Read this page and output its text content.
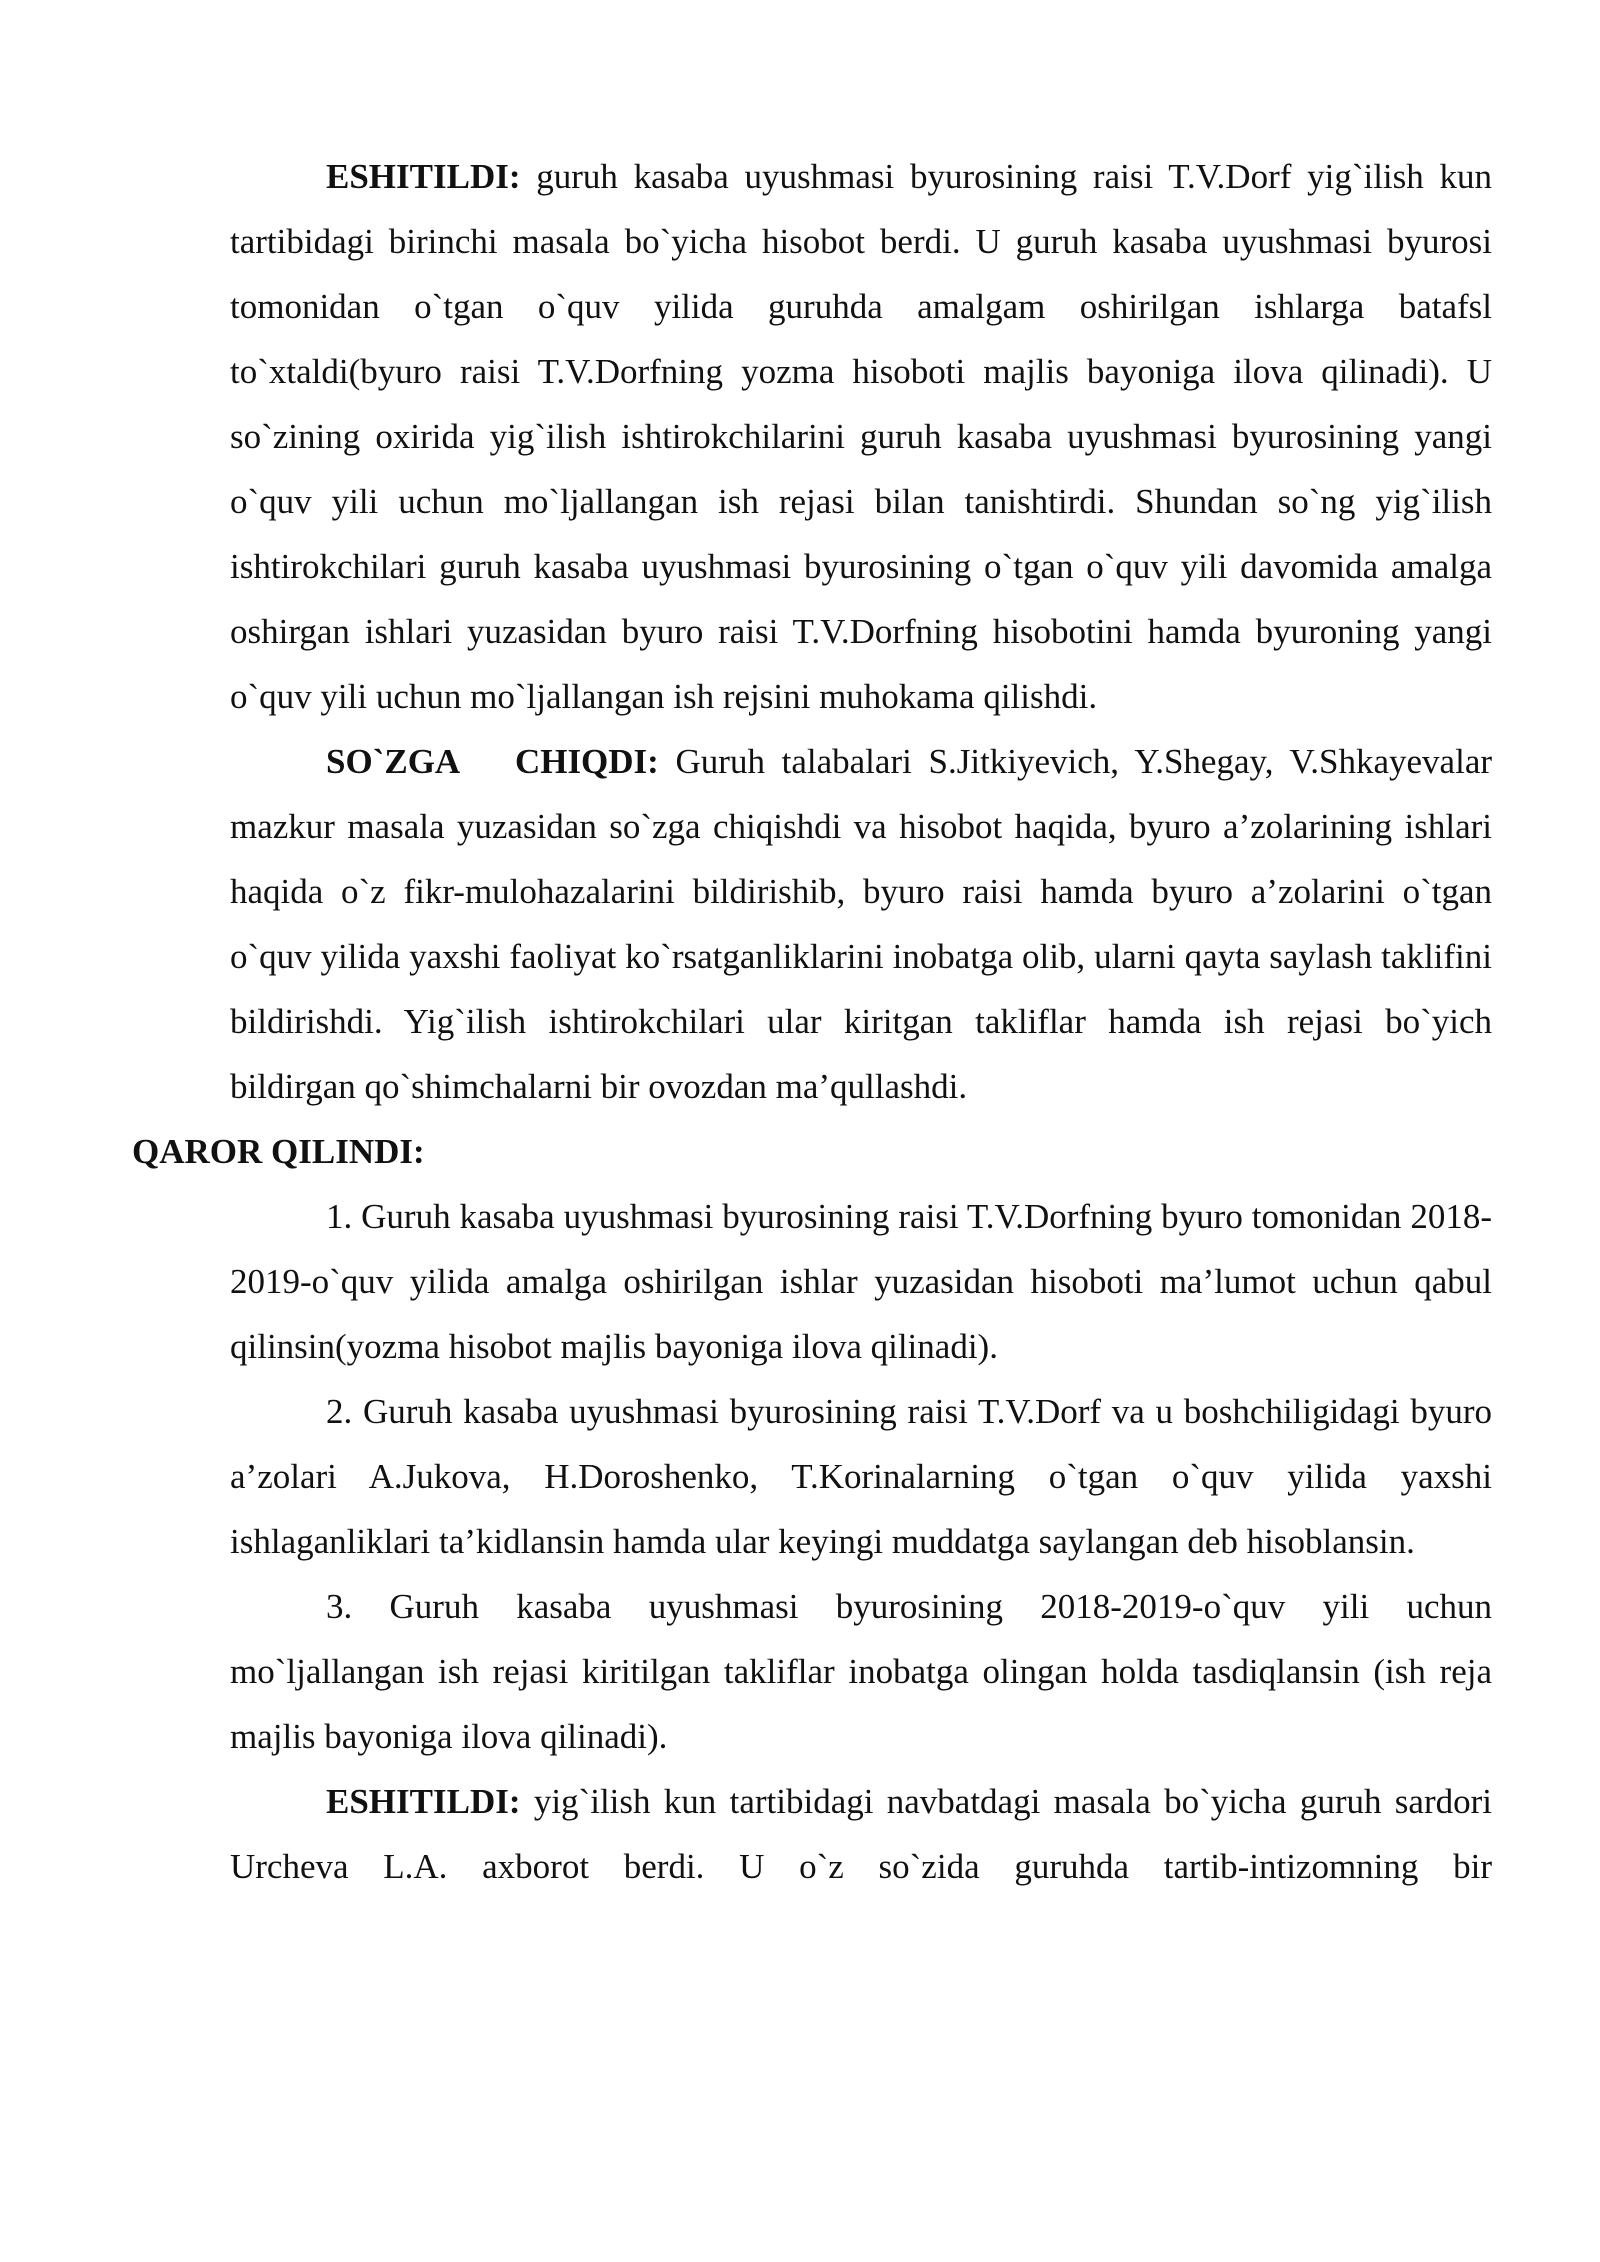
ESHITILDI: guruh kasaba uyushmasi byurosining raisi T.V.Dorf yig`ilish kun tartibidagi birinchi masala bo`yicha hisobot berdi. U guruh kasaba uyushmasi byurosi tomonidan o`tgan o`quv yilida guruhda amalgam oshirilgan ishlarga batafsl to`xtaldi(byuro raisi T.V.Dorfning yozma hisoboti majlis bayoniga ilova qilinadi). U so`zining oxirida yig`ilish ishtirokchilarini guruh kasaba uyushmasi byurosining yangi o`quv yili uchun mo`ljallangan ish rejasi bilan tanishtirdi. Shundan so`ng yig`ilish ishtirokchilari guruh kasaba uyushmasi byurosining o`tgan o`quv yili davomida amalga oshirgan ishlari yuzasidan byuro raisi T.V.Dorfning hisobotini hamda byuroning yangi o`quv yili uchun mo`ljallangan ish rejsini muhokama qilishdi.

SO`ZGA CHIQDI: Guruh talabalari S.Jitkiyevich, Y.Shegay, V.Shkayevalar mazkur masala yuzasidan so`zga chiqishdi va hisobot haqida, byuro a’zolarining ishlari haqida o`z fikr-mulohazalarini bildirishib, byuro raisi hamda byuro a’zolarini o`tgan o`quv yilida yaxshi faoliyat ko`rsatganliklarini inobatga olib, ularni qayta saylash taklifini bildirishdi. Yig`ilish ishtirokchilari ular kiritgan takliflar hamda ish rejasi bo`yich bildirgan qo`shimchalarni bir ovozdan ma’qullashdi.

QAROR QILINDI:

1. Guruh kasaba uyushmasi byurosining raisi T.V.Dorfning byuro tomonidan 2018-2019-o`quv yilida amalga oshirilgan ishlar yuzasidan hisoboti ma’lumot uchun qabul qilinsin(yozma hisobot majlis bayoniga ilova qilinadi).

2. Guruh kasaba uyushmasi byurosining raisi T.V.Dorf va u boshchiligidagi byuro a’zolari A.Jukova, H.Doroshenko, T.Korinalarning o`tgan o`quv yilida yaxshi ishlaganliklari ta’kidlansin hamda ular keyingi muddatga saylangan deb hisoblansin.

3. Guruh kasaba uyushmasi byurosining 2018-2019-o`quv yili uchun mo`ljallangan ish rejasi kiritilgan takliflar inobatga olingan holda tasdiqlansin (ish reja majlis bayoniga ilova qilinadi).

ESHITILDI: yig`ilish kun tartibidagi navbatdagi masala bo`yicha guruh sardori Urcheva L.A. axborot berdi. U o`z so`zida guruhda tartib-intizomning bir
